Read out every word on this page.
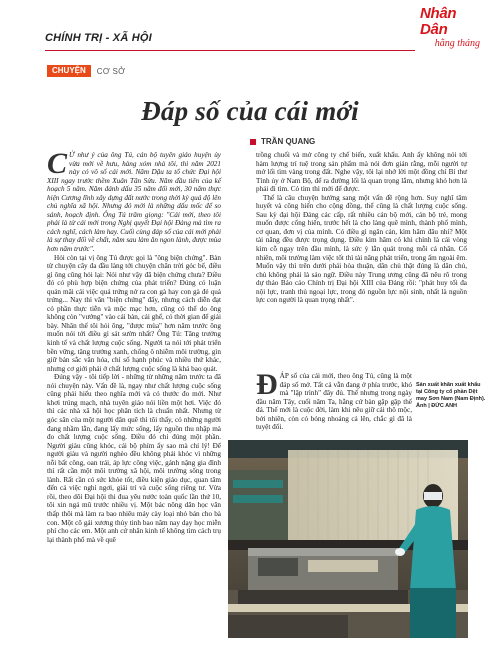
CHÍNH TRỊ - XÃ HỘI
Nhân Dân
hằng tháng
CHUYỆN	CƠ SỞ
Đáp số của cái mới
TRẦN QUANG

C Ứ như ý của ông Tú, cán bộ tuyên giáo huyện ủy vừa mới về hưu, hàng xóm nhà tôi, thì năm 2021 này có vô số cái mới. Năm Dậu ta tổ chức Đại hội XIII ngay trước thềm Xuân Tân Sửu. Năm đầu tiên của kế hoạch 5 năm. Năm đánh dấu 35 năm đổi mới, 30 năm thực hiện Cương lĩnh xây dựng đất nước trong thời kỳ quá độ lên chủ nghĩa xã hội. Nhưng đó mới là những dấu mốc để so sánh, hoạch định. Ông Tú trăm giọng: "Cái mới, theo tôi phải là từ cái mới trong Nghị quyết Đại hội Đảng mà tìm ra cách nghĩ, cách làm hay. Cuối cùng đáp số của cái mới phải là sự thay đổi về chất, năm sau làm ăn ngon lành, được mùa hơn năm trước".

Hỏi còn tại vị ông Tú được gọi là "ông biện chứng". Bàn từ chuyện cây đa đầu làng tới chuyện chăn trời góc bể, điều gì ông cũng hỏi lại: Nói như vậy đã biện chứng chưa? Điều đó có phù hợp biện chứng của phát triển? Đúng có luận quản mãi cái việc quả trứng nở ra con gà hay con gà đẻ quả trứng... Nay thì văn "biện chứng" đấy, nhưng cách diễn đạt có phần thực tiễn và mộc mạc hơn, cũng có thể do ông không còn "vướng" vào cái bàn, cái ghế, có thời gian để giải bày. Nhân thế tôi hỏi ông, "được mùa" hơn năm trước ông muốn nói tới điều gì sát sườn nhất? Ông Tú: Tăng trưởng kinh tế và chất lượng cuộc sống. Người ta nói tới phát triển bền vững, tăng trưởng xanh, chống ô nhiễm môi trường, gìn giữ bản sắc văn hóa, chỉ số hạnh phúc và nhiều thứ khác, nhưng cơ giới phải ở chất lượng cuộc sống là khá bao quát.

Đúng vậy - tôi tiếp lời - những từ những năm trước ta đã nói chuyện này. Vấn đề là, ngay như chất lượng cuộc sống cũng phải hiểu theo nghĩa mới và có thước đo mới. Như khơi trúng mạch, nhà tuyên giáo nói liền một hơi. Việc đó thì các nhà xã hội học phân tích là chuẩn nhất. Nhưng từ góc sân của một người dân quê thì tôi thấy, có những người đang nhầm lẫn, đang lấy mức sống, lấy nguồn thu nhập mà đo chất lượng cuộc sống. Điều đó chỉ đúng một phần. Người giàu cũng khóc, cái bộ phím ấy sao mà chỉ lý! Để người giàu và người nghèo đều không phải khóc vì những nỗi bất công, oan trái, áp lực công việc, gánh nặng gia đình thì rất cần một môi trường xã hội, môi trường sống trong lành. Rất cần có sức khỏe tốt, điều kiện giáo dục, quan tâm đến cả việc nghỉ ngơi, giải trí và cuộc sống riêng tư. Vừa rồi, theo dõi Đại hội thi đua yêu nước toàn quốc lần thứ 10, tôi xin ngả mũ trước nhiều vị. Một bác nông dân học văn thấp thôi mà làm ra bao nhiêu máy cày loại nhỏ bán cho bà con. Một cô gái xương thủy tinh bao năm nay dạy học miễn phí cho các em. Một anh cứ nhân kinh tế không tìm cách trụ lại thành phố mà về quê

trồng chuối và mở công ty chế biến, xuất khẩu. Anh ấy không nói tới hàm lượng trí tuệ trong sản phẩm mà nói đơn giản rằng, mỗi người tự mở lối tìm vàng trong đất. Nghe vậy, tôi lại nhớ lời một đồng chí Bí thư Tỉnh ủy ở Nam Bộ, để ra đường lối là quan trọng lắm, nhưng khó hơn là phải đi tìm. Có tìm thì mới để được.

Thế là câu chuyện hướng sang một vấn đề rộng hơn. Suy nghĩ tâm huyết và công hiến cho cộng đồng, thể cũng là chất lượng cuộc sống. Sau kỳ đại hội Đảng các cấp, rất nhiều cán bộ mới, cán bộ trẻ, mong muốn được cống hiến, trước hết là cho làng quê mình, thành phố mình, cơ quan, đơn vị của mình. Có điều gì ngăn cản, kìm hãm đâu nhỉ? Một tài năng đều được trọng dụng. Điều kìm hãm có khi chính là cái vòng kìm cỗ ngay trên đầu mình, là sức ỳ lẫn quát trong mỗi cá nhân. Cố nhiên, môi trường làm việc tốt thì tài năng phát triển, trong ấm ngoài êm. Muốn vậy thì trên dưới phải hòa thuận, dân chủ thật đúng là dân chủ, chủ không phải là sáo ngữ. Điều này Trung ương cũng đã nêu rõ trong dự thảo Báo cáo Chính trị Đại hội XIII của Đảng rồi: "phát huy tối đa nội lực, tranh thủ ngoại lực, trong đó nguồn lực nội sinh, nhất là nguồn lực con người là quan trọng nhất".

ĐÁP số của cái mới, theo ông Tú, cũng là một đáp số mở. Tất cả vẫn đang ở phía trước, khó mà "lập trình" đây đủ. Thế nhưng trong ngày đầu năm Tây, cuối năm Ta, hằng cứ bàn gặp gặp thế đá. Thế mới là cuộc đời, làm khi nêu giữ cái thô mộc, bởi nhiên, còn có bóng nhoáng cả lên, chắc gì đã là tuyệt đối.

Sản xuất khăn xuất khẩu tại Công ty cổ phần Dệt may Sơn Nam (Nam Định). Ảnh | ĐỨC ANH
